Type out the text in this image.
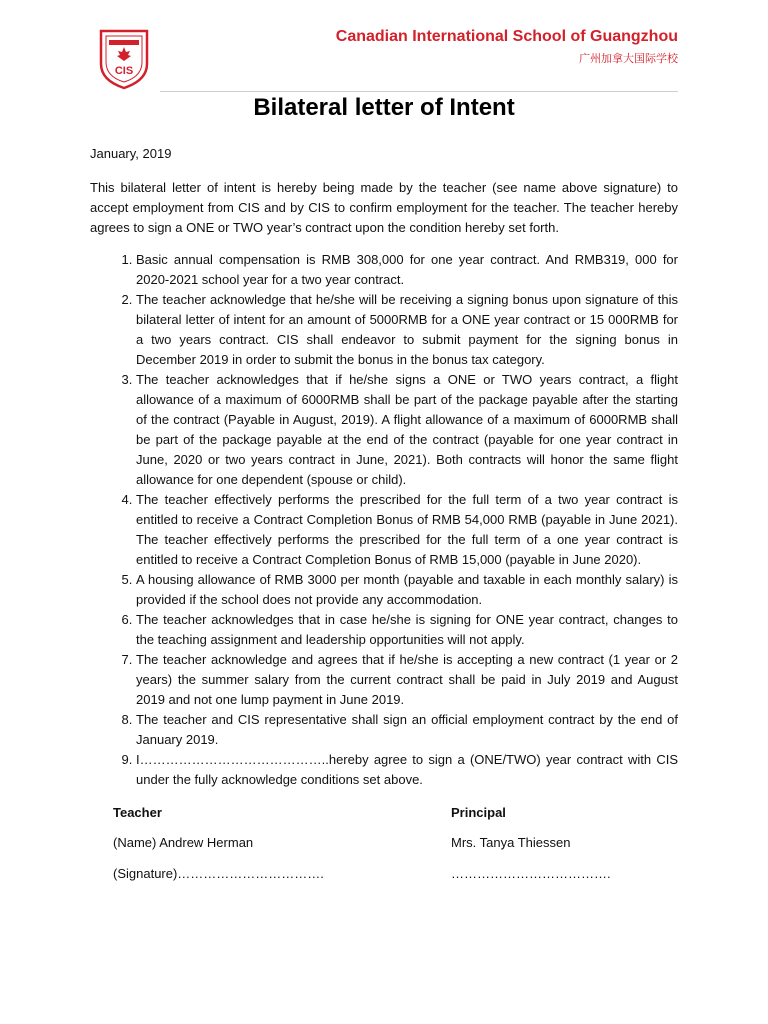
CIS
Canadian International School of Guangzhou
广州加拿大国际学校
Bilateral letter of Intent
January, 2019

This bilateral letter of intent is hereby being made by the teacher (see name above signature) to accept employment from CIS and by CIS to confirm employment for the teacher. The teacher hereby agrees to sign a ONE or TWO year’s contract upon the condition hereby set forth.

1. Basic annual compensation is RMB 308,000 for one year contract. And RMB319, 000 for 2020-2021 school year for a two year contract.
2. The teacher acknowledge that he/she will be receiving a signing bonus upon signature of this bilateral letter of intent for an amount of 5000RMB for a ONE year contract or 15 000RMB for a two years contract. CIS shall endeavor to submit payment for the signing bonus in December 2019 in order to submit the bonus in the bonus tax category.
3. The teacher acknowledges that if he/she signs a ONE or TWO years contract, a flight allowance of a maximum of 6000RMB shall be part of the package payable after the starting of the contract (Payable in August, 2019). A flight allowance of a maximum of 6000RMB shall be part of the package payable at the end of the contract (payable for one year contract in June, 2020 or two years contract in June, 2021). Both contracts will honor the same flight allowance for one dependent (spouse or child).
4. The teacher effectively performs the prescribed for the full term of a two year contract is entitled to receive a Contract Completion Bonus of RMB 54,000 RMB (payable in June 2021). The teacher effectively performs the prescribed for the full term of a one year contract is entitled to receive a Contract Completion Bonus of RMB 15,000 (payable in June 2020).
5. A housing allowance of RMB 3000 per month (payable and taxable in each monthly salary) is provided if the school does not provide any accommodation.
6. The teacher acknowledges that in case he/she is signing for ONE year contract, changes to the teaching assignment and leadership opportunities will not apply.
7. The teacher acknowledge and agrees that if he/she is accepting a new contract (1 year or 2 years) the summer salary from the current contract shall be paid in July 2019 and August 2019 and not one lump payment in June 2019.
8. The teacher and CIS representative shall sign an official employment contract by the end of January 2019.
9. I……………………………………..hereby agree to sign a (ONE/TWO) year contract with CIS under the fully acknowledge conditions set above.
Teacher
(Name) Andrew Herman
(Signature)…………………………….
Principal
Mrs. Tanya Thiessen
……………………………….
